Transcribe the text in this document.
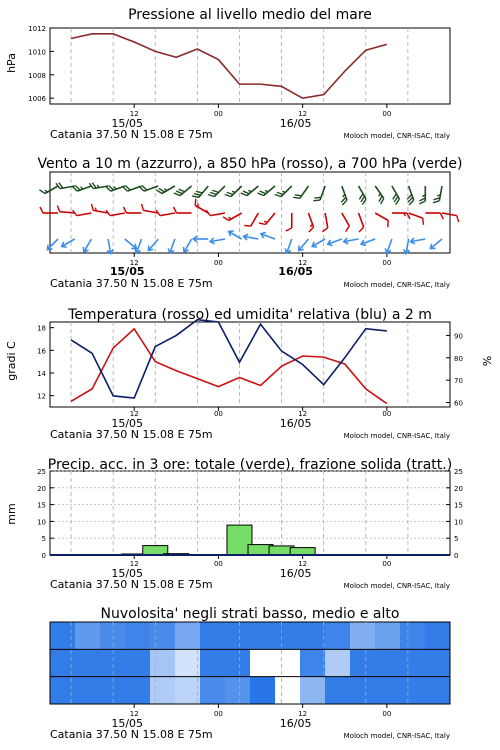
Pressione al livello medio del mare
hPa
1006
1008
1010
1012
12	00	12	00
15/05	16/05
Catania 37.50 N 15.08 E 75m	Moloch model, CNR-ISAC, Italy
Vento a 10 m (azzurro), a 850 hPa (rosso), a 700 hPa (verde)
12	00	12	00
15/05	16/05
Catania 37.50 N 15.08 E 75m	Moloch model, CNR-ISAC, Italy
Temperatura (rosso) ed umidita' relativa (blu) a 2 m
gradi C	%
12
14
16
18
60
70
80
90
12	00	12	00
15/05	16/05
Catania 37.50 N 15.08 E 75m	Moloch model, CNR-ISAC, Italy
Precip. acc. in 3 ore: totale (verde), frazione solida (tratt.)
mm
0
5
10
15
20
25
0
5
10
15
20
25
12	00	12	00
15/05	16/05
Catania 37.50 N 15.08 E 75m	Moloch model, CNR-ISAC, Italy
Nuvolosita' negli strati basso, medio e alto
12	00	12	00
15/05	16/05
Catania 37.50 N 15.08 E 75m	Moloch model, CNR-ISAC, Italy
